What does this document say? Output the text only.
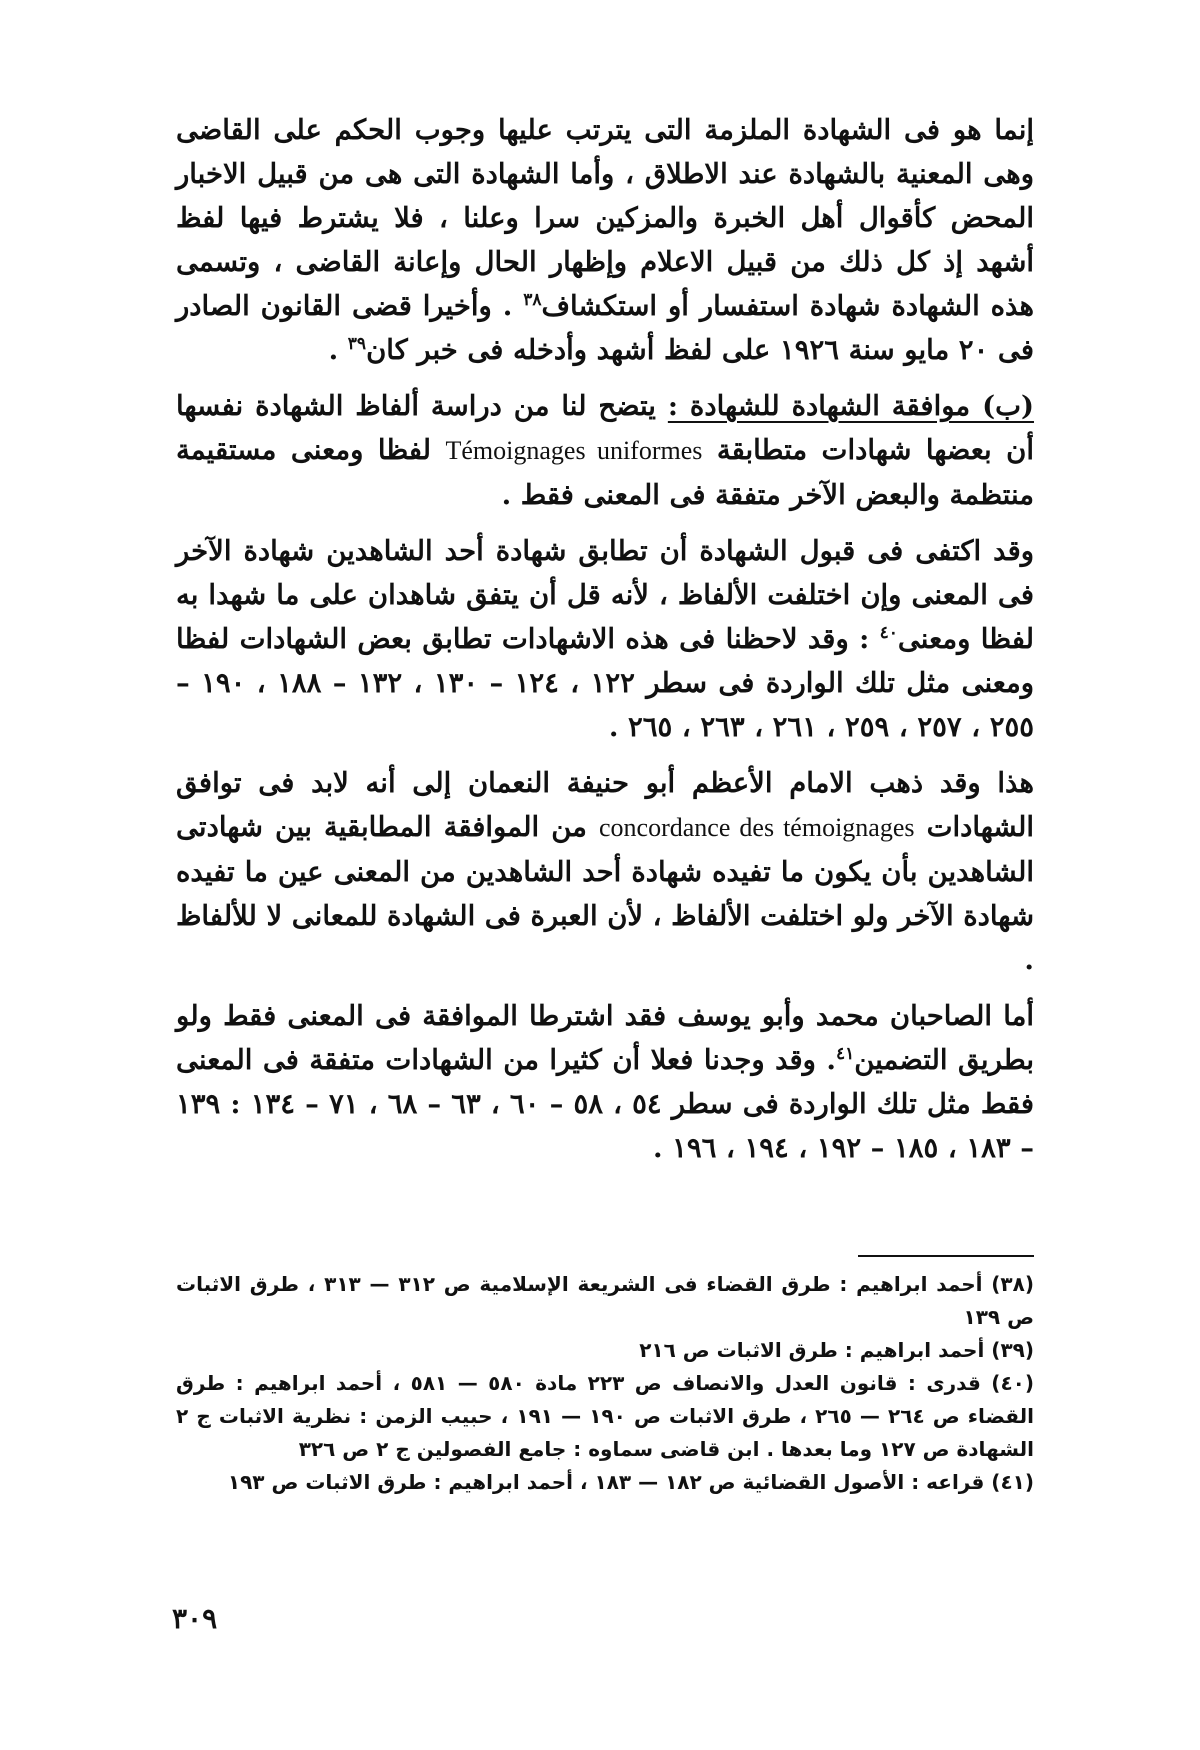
إنما هو فى الشهادة الملزمة التى يترتب عليها وجوب الحكم على القاضى وهى المعنية بالشهادة عند الاطلاق ، وأما الشهادة التى هى من قبيل الاخبار المحض كأقوال أهل الخبرة والمزكين سرا وعلنا ، فلا يشترط فيها لفظ أشهد إذ كل ذلك من قبيل الاعلام وإظهار الحال وإعانة القاضى ، وتسمى هذه الشهادة شهادة استفسار أو استكشاف$^{٣٨}$ . وأخيرا قضى القانون الصادر فى ٢٠ مايو سنة ١٩٢٦ على لفظ أشهد وأدخله فى خبر كان$^{٣٩}$ .

(ب) موافقة الشهادة للشهادة : يتضح لنا من دراسة ألفاظ الشهادة نفسها أن بعضها شهادات متطابقة Témoignages uniformes لفظا ومعنى مستقيمة منتظمة والبعض الآخر متفقة فى المعنى فقط .

وقد اكتفى فى قبول الشهادة أن تطابق شهادة أحد الشاهدين شهادة الآخر فى المعنى وإن اختلفت الألفاظ ، لأنه قل أن يتفق شاهدان على ما شهدا به لفظا ومعنى$^{٤٠}$ : وقد لاحظنا فى هذه الاشهادات تطابق بعض الشهادات لفظا ومعنى مثل تلك الواردة فى سطر ١٢٢ ، ١٢٤ – ١٣٠ ، ١٣٢ – ١٨٨ ، ١٩٠ – ٢٥٥ ، ٢٥٧ ، ٢٥٩ ، ٢٦١ ، ٢٦٣ ، ٢٦٥ .

هذا وقد ذهب الامام الأعظم أبو حنيفة النعمان إلى أنه لابد فى توافق الشهادات concordance des témoignages من الموافقة المطابقية بين شهادتى الشاهدين بأن يكون ما تفيده شهادة أحد الشاهدين من المعنى عين ما تفيده شهادة الآخر ولو اختلفت الألفاظ ، لأن العبرة فى الشهادة للمعانى لا للألفاظ .

أما الصاحبان محمد وأبو يوسف فقد اشترطا الموافقة فى المعنى فقط ولو بطريق التضمين$^{٤١}$. وقد وجدنا فعلا أن كثيرا من الشهادات متفقة فى المعنى فقط مثل تلك الواردة فى سطر ٥٤ ، ٥٨ – ٦٠ ، ٦٣ – ٦٨ ، ٧١ – ١٣٤ : ١٣٩ – ١٨٣ ، ١٨٥ – ١٩٢ ، ١٩٤ ، ١٩٦ .

(٣٨) أحمد ابراهيم : طرق القضاء فى الشريعة الإسلامية ص ٣١٢ — ٣١٣ ، طرق الاثبات ص ١٣٩

(٣٩) أحمد ابراهيم : طرق الاثبات ص ٢١٦

(٤٠) قدرى : قانون العدل والانصاف ص ٢٢٣ مادة ٥٨٠ — ٥٨١ ، أحمد ابراهيم : طرق القضاء ص ٢٦٤ — ٢٦٥ ، طرق الاثبات ص ١٩٠ — ١٩١ ، حبيب الزمن : نظرية الاثبات ج ٢ الشهادة ص ١٢٧ وما بعدها . ابن قاضى سماوه : جامع الفصولين ج ٢ ص ٣٢٦

(٤١) قراعه : الأصول القضائية ص ١٨٢ — ١٨٣ ، أحمد ابراهيم : طرق الاثبات ص ١٩٣

٣٠٩
